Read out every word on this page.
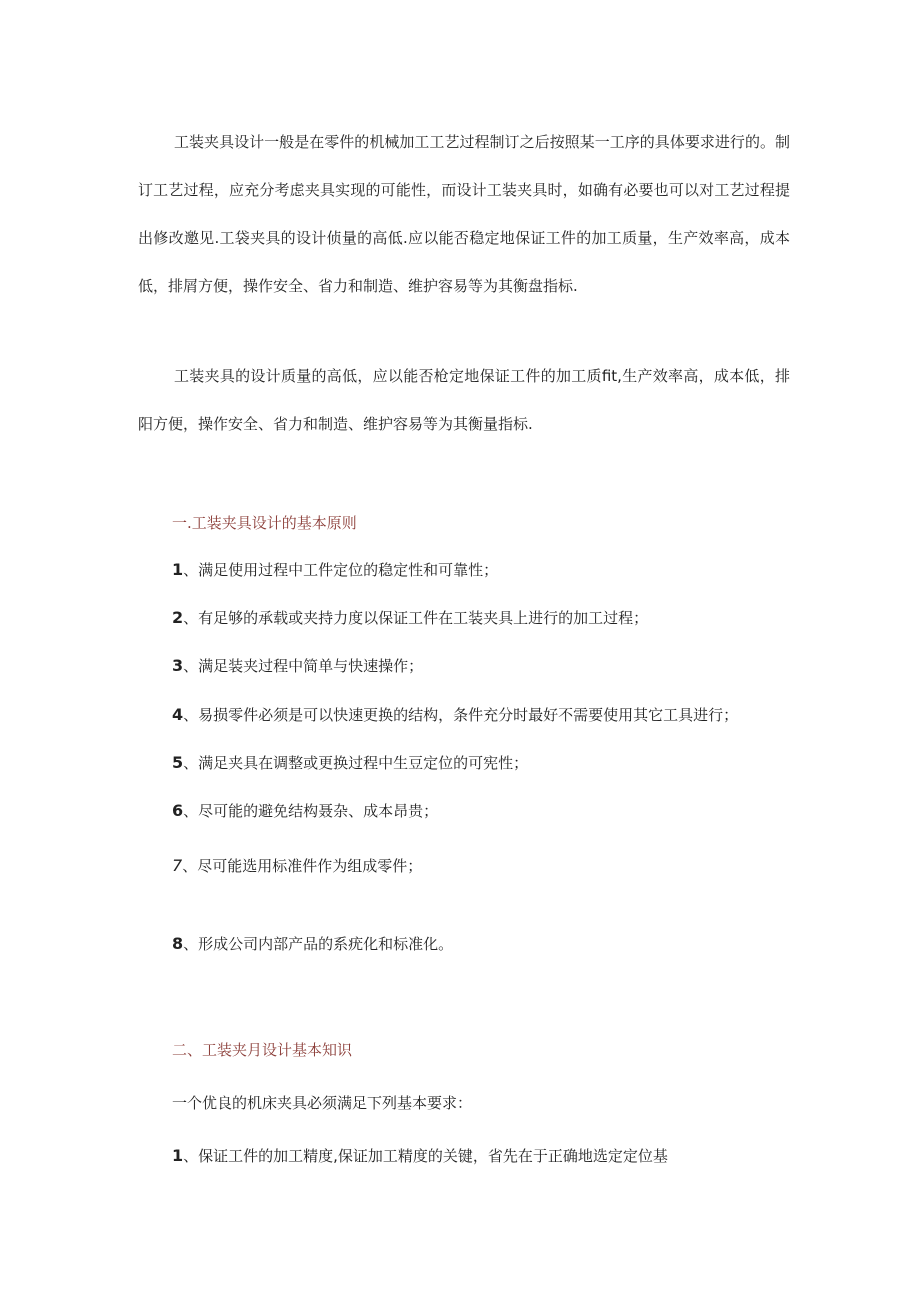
工装夹具设计一般是在零件的机械加工工艺过程制订之后按照某一工序的具体要求进行的。制订工艺过程，应充分考虑夹具实现的可能性，而设计工装夹具时，如确有必要也可以对工艺过程提出修改邀见.工袋夹具的设计侦量的高低.应以能否稳定地保证工件的加工质量，生产效率高，成本低，排屑方便，操作安全、省力和制造、维护容易等为其衡盘指标.

工装夹具的设计质量的高低，应以能否枪定地保证工件的加工质fit,生产效率高，成本低，排阳方便，操作安全、省力和制造、维护容易等为其衡量指标.

一.工装夹具设计的基本原则

1、满足使用过程中工件定位的稳定性和可靠性；

2、有足够的承载或夹持力度以保证工件在工装夹具上进行的加工过程；

3、满足装夹过程中简单与快速操作；

4、易损零件必须是可以快速更换的结构，条件充分时最好不需要使用其它工具进行；

5、满足夹具在调整或更换过程中生豆定位的可宪性；

6、尽可能的避免结构聂杂、成本昂贵；

7、尽可能选用标准件作为组成零件；

8、形成公司内部产品的系疣化和标准化。

二、工装夹月设计基本知识

一个优良的机床夹具必须满足下列基本要求：

1、保证工件的加工精度,保证加工精度的关键，省先在于正确地选定定位基
